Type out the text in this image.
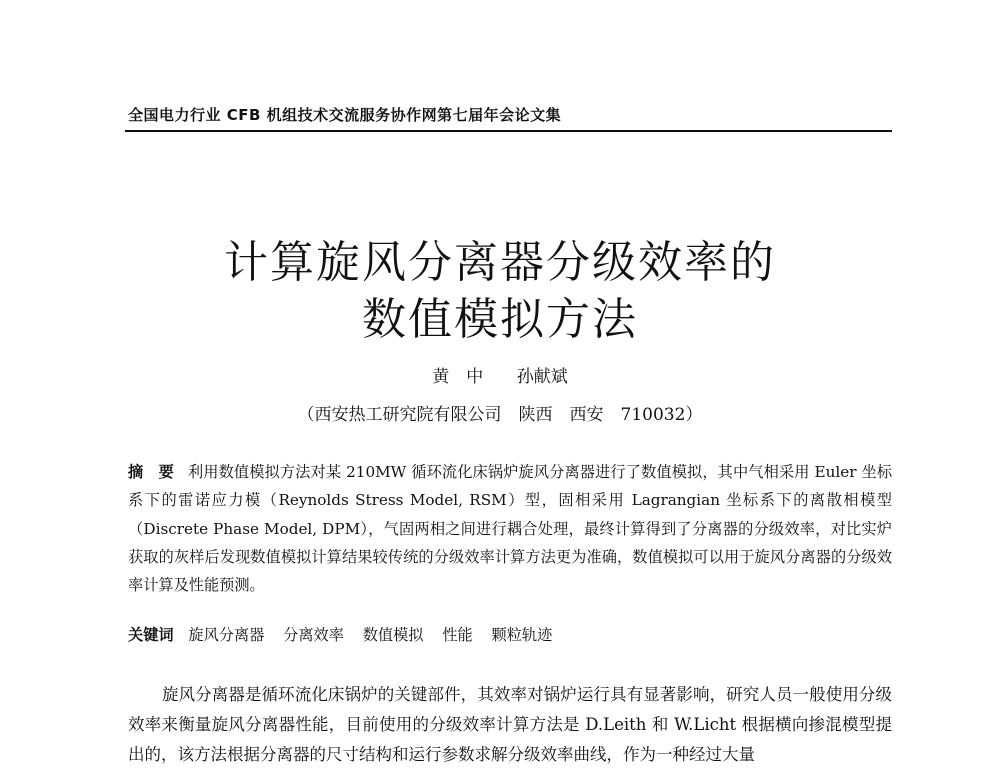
全国电力行业 CFB 机组技术交流服务协作网第七届年会论文集
计算旋风分离器分级效率的
数值模拟方法
黄　中 孙献斌
（西安热工研究院有限公司　陕西　西安　710032）
摘　要 利用数值模拟方法对某 210MW 循环流化床锅炉旋风分离器进行了数值模拟，其中气相采用 Euler 坐标系下的雷诺应力模（Reynolds Stress Model, RSM）型，固相采用 Lagrangian 坐标系下的离散相模型（Discrete Phase Model, DPM），气固两相之间进行耦合处理，最终计算得到了分离器的分级效率，对比实炉获取的灰样后发现数值模拟计算结果较传统的分级效率计算方法更为准确，数值模拟可以用于旋风分离器的分级效率计算及性能预测。
关键词 旋风分离器 分离效率 数值模拟 性能 颗粒轨迹
旋风分离器是循环流化床锅炉的关键部件，其效率对锅炉运行具有显著影响，研究人员一般使用分级效率来衡量旋风分离器性能，目前使用的分级效率计算方法是 D.Leith 和 W.Licht 根据横向掺混模型提出的，该方法根据分离器的尺寸结构和运行参数求解分级效率曲线，作为一种经过大量
